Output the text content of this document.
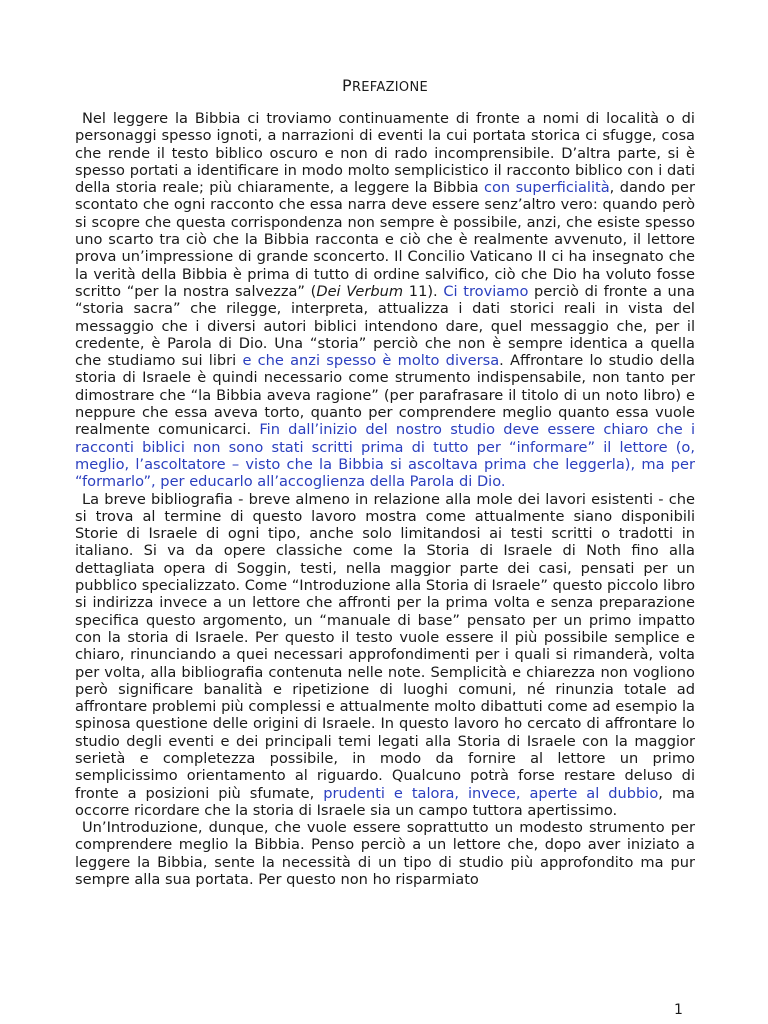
PREFAZIONE

Nel leggere la Bibbia ci troviamo continuamente di fronte a nomi di località o di personaggi spesso ignoti, a narrazioni di eventi la cui portata storica ci sfugge, cosa che rende il testo biblico oscuro e non di rado incomprensibile. D’altra parte, si è spesso portati a identificare in modo molto semplicistico il racconto biblico con i dati della storia reale; più chiaramente, a leggere la Bibbia con superficialità, dando per scontato che ogni racconto che essa narra deve essere senz’altro vero: quando però si scopre che questa corrispondenza non sempre è possibile, anzi, che esiste spesso uno scarto tra ciò che la Bibbia racconta e ciò che è realmente avvenuto, il lettore prova un’impressione di grande sconcerto. Il Concilio Vaticano II ci ha insegnato che la verità della Bibbia è prima di tutto di ordine salvifico, ciò che Dio ha voluto fosse scritto “per la nostra salvezza” (Dei Verbum 11). Ci troviamo perciò di fronte a una “storia sacra” che rilegge, interpreta, attualizza i dati storici reali in vista del messaggio che i diversi autori biblici intendono dare, quel messaggio che, per il credente, è Parola di Dio. Una “storia” perciò che non è sempre identica a quella che studiamo sui libri e che anzi spesso è molto diversa. Affrontare lo studio della storia di Israele è quindi necessario come strumento indispensabile, non tanto per dimostrare che “la Bibbia aveva ragione” (per parafrasare il titolo di un noto libro) e neppure che essa aveva torto, quanto per comprendere meglio quanto essa vuole realmente comunicarci. Fin dall’inizio del nostro studio deve essere chiaro che i racconti biblici non sono stati scritti prima di tutto per “informare” il lettore (o, meglio, l’ascoltatore – visto che la Bibbia si ascoltava prima che leggerla), ma per “formarlo”, per educarlo all’accoglienza della Parola di Dio.

La breve bibliografia - breve almeno in relazione alla mole dei lavori esistenti - che si trova al termine di questo lavoro mostra come attualmente siano disponibili Storie di Israele di ogni tipo, anche solo limitandosi ai testi scritti o tradotti in italiano. Si va da opere classiche come la Storia di Israele di Noth fino alla dettagliata opera di Soggin, testi, nella maggior parte dei casi, pensati per un pubblico specializzato. Come “Introduzione alla Storia di Israele” questo piccolo libro si indirizza invece a un lettore che affronti per la prima volta e senza preparazione specifica questo argomento, un “manuale di base” pensato per un primo impatto con la storia di Israele. Per questo il testo vuole essere il più possibile semplice e chiaro, rinunciando a quei necessari approfondimenti per i quali si rimanderà, volta per volta, alla bibliografia contenuta nelle note. Semplicità e chiarezza non vogliono però significare banalità e ripetizione di luoghi comuni, né rinunzia totale ad affrontare problemi più complessi e attualmente molto dibattuti come ad esempio la spinosa questione delle origini di Israele. In questo lavoro ho cercato di affrontare lo studio degli eventi e dei principali temi legati alla Storia di Israele con la maggior serietà e completezza possibile, in modo da fornire al lettore un primo semplicissimo orientamento al riguardo. Qualcuno potrà forse restare deluso di fronte a posizioni più sfumate, prudenti e talora, invece, aperte al dubbio, ma occorre ricordare che la storia di Israele sia un campo tuttora apertissimo.

Un’Introduzione, dunque, che vuole essere soprattutto un modesto strumento per comprendere meglio la Bibbia. Penso perciò a un lettore che, dopo aver iniziato a leggere la Bibbia, sente la necessità di un tipo di studio più approfondito ma pur sempre alla sua portata. Per questo non ho risparmiato

1
